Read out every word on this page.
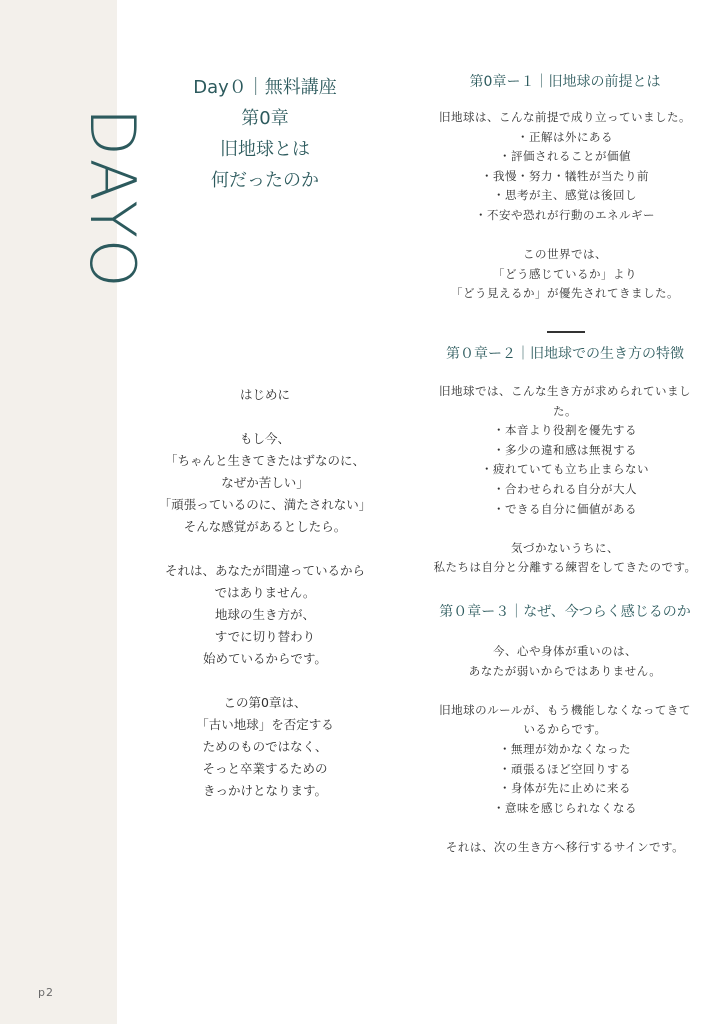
DAYO
p2
Day０｜無料講座
第0章
旧地球とは
何だったのか
はじめに
もし今、
「ちゃんと生きてきたはずなのに、
なぜか苦しい」
「頑張っているのに、満たされない」
そんな感覚があるとしたら。
それは、あなたが間違っているから
ではありません。
地球の生き方が、
すでに切り替わり
始めているからです。
この第0章は、
「古い地球」を否定する
ためのものではなく、
そっと卒業するための
きっかけとなります。
第0章ー１｜旧地球の前提とは
旧地球は、こんな前提で成り立っていました。
・正解は外にある
・評価されることが価値
・我慢・努力・犠牲が当たり前
・思考が主、感覚は後回し
・不安や恐れが行動のエネルギー
この世界では、
「どう感じているか」より
「どう見えるか」が優先されてきました。
第０章ー２｜旧地球での生き方の特徴
旧地球では、こんな生き方が求められていまし
た。
・本音より役割を優先する
・多少の違和感は無視する
・疲れていても立ち止まらない
・合わせられる自分が大人
・できる自分に価値がある
気づかないうちに、
私たちは自分と分離する練習をしてきたのです。
第０章ー３｜なぜ、今つらく感じるのか
今、心や身体が重いのは、
あなたが弱いからではありません。
旧地球のルールが、もう機能しなくなってきて
いるからです。
・無理が効かなくなった
・頑張るほど空回りする
・身体が先に止めに来る
・意味を感じられなくなる
それは、次の生き方へ移行するサインです。
